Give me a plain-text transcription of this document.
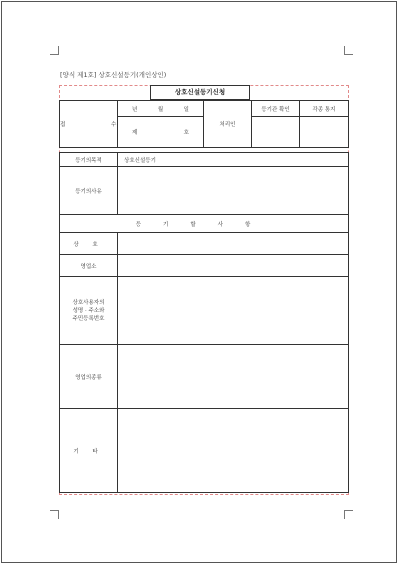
[양식 제1호] 상호신설등기(개인상인)
상호신설등기신청
접 수	년 월 일	처리인	등기관 확인	각종 통지

	제 호			

등기의목적	상호신설등기
등기의사유	
등기할사항	
상 호	
영업소	

상호사용자의
성명 · 주소와
주민등록번호	

영업의종류	
기 타	
